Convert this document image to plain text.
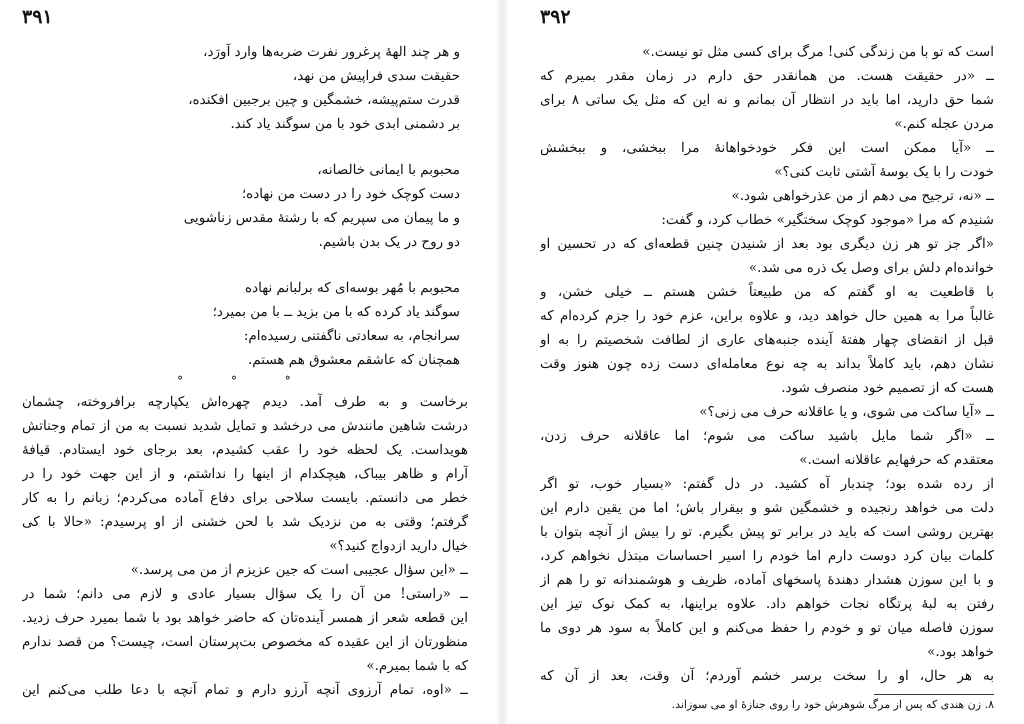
۳۹۱
و هر چند الههٔ پرغرور نفرت ضربه‌ها وارد آورَد،
حقیقت سدی فراپیش من نهد،
قدرت ستم‌پیشه، خشمگین و چین برجبین افکنده،
بر دشمنی ابدی خود با من سوگند یاد کند.
محبوبم با ایمانی خالصانه،
دست کوچک خود را در دست من نهاده؛
و ما پیمان می‌ سپریم که با رشتهٔ مقدس زناشویی
دو روح در یک بدن باشیم.
محبوبم با مُهر بوسه‌ای که برلبانم نهاده
سوگند یاد کرده که با من بزید ــ با من بمیرد؛
سرانجام، به سعادتی ناگفتنی رسیده‌ام:
همچنان که عاشقم معشوق هم هستم.
° ° °
برخاست و به طرف آمد. دیدم چهره‌اش یکپارچه برافروخته، چشمان
درشت شاهین مانندش می درخشد و تمایل شدید نسبت به من از تمام وجناتش
هویداست. یک لحظه خود را عقب کشیدم، بعد برجای خود ایستادم. قیافهٔ
آرام و ظاهر بیباک، هیچکدام از اینها را نداشتم، و از این جهت خود را در
خطر می دانستم. بایست سلاحی برای دفاع آماده می‌کردم؛ زبانم را به کار
گرفتم؛ وقتی به من نزدیک شد با لحن خشنی از او پرسیدم: «حالا با کی
خیال دارید ازدواج کنید؟»
ــ «این سؤال عجیبی است که جین عزیزم از من می پرسد.»
ــ «راستی! من آن را یک سؤال بسیار عادی و لازم می دانم؛ شما در
این قطعه شعر از همسر آینده‌تان که حاضر خواهد بود با شما بمیرد حرف زدید.
منظورتان از این عقیده که مخصوص بت‌پرستان است، چیست؟ من قصد ندارم
که با شما بمیرم.»
ــ «اوه، تمام آرزوی آنچه آرزو دارم و تمام آنچه با دعا طلب می‌کنم این
۳۹۲
است که تو با من زندگی کنی! مرگ برای کسی مثل تو نیست.»
ــ «در حقیقت هست. من همانقدر حق دارم در زمان مقدر بمیرم که
شما حق دارید، اما باید در انتظار آن بمانم و نه این که مثل یک ساتی ۸ برای
مردن عجله کنم.»
ــ «آیا ممکن است این فکر خودخواهانهٔ مرا ببخشی، و ببخشش
خودت را با یک بوسهٔ آشتی ثابت کنی؟»
ــ «نه، ترجیح می دهم از من عذرخواهی شود.»
شنیدم که مرا «موجود کوچک سختگیر» خطاب کرد، و گفت:
«اگر جز تو هر زن دیگری بود بعد از شنیدن چنین قطعه‌ای که در تحسین او
خوانده‌ام دلش برای وصل یک ذره می شد.»
با قاطعیت به او گفتم که من طبیعتاً خشن هستم ــ خیلی خشن، و
غالباً مرا به همین حال خواهد دید، و علاوه براین، عزم خود را جزم کرده‌ام که
قبل از انقضای چهار هفتهٔ آینده جنبه‌های عاری از لطافت شخصیتم را به او
نشان دهم، باید کاملاً بداند به چه نوع معامله‌ای دست زده چون هنوز وقت
هست که از تصمیم خود منصرف شود.
ــ «آیا ساکت می شوی، و یا عاقلانه حرف می زنی؟»
ــ «اگر شما مایل باشید ساکت می شوم؛ اما عاقلانه حرف زدن،
معتقدم که حرفهایم عاقلانه است.»
از رده شده بود؛ چندبار آه کشید. در دل گفتم: «بسیار خوب، تو اگر
دلت می خواهد رنجیده و خشمگین شو و بیقرار باش؛ اما من یقین دارم این
بهترین روشی است که باید در برابر تو پیش بگیرم. تو را بیش از آنچه بتوان با
کلمات بیان کرد دوست دارم اما خودم را اسیر احساسات مبتذل نخواهم کرد،
و با این سوزن هشدار دهندهٔ پاسخهای آماده، ظریف و هوشمندانه تو را هم از
رفتن به لبهٔ پرتگاه نجات خواهم داد. علاوه براینها، به کمک نوک تیز این
سوزن فاصله میان تو و خودم را حفظ می‌کنم و این کاملاً به سود هر دوی ما
خواهد بود.»
به هر حال، او را سخت برسر خشم آوردم؛ آن وقت، بعد از آن که
۸. زن هندی که پس از مرگ شوهرش خود را روی جنازهٔ او می سوزاند.
